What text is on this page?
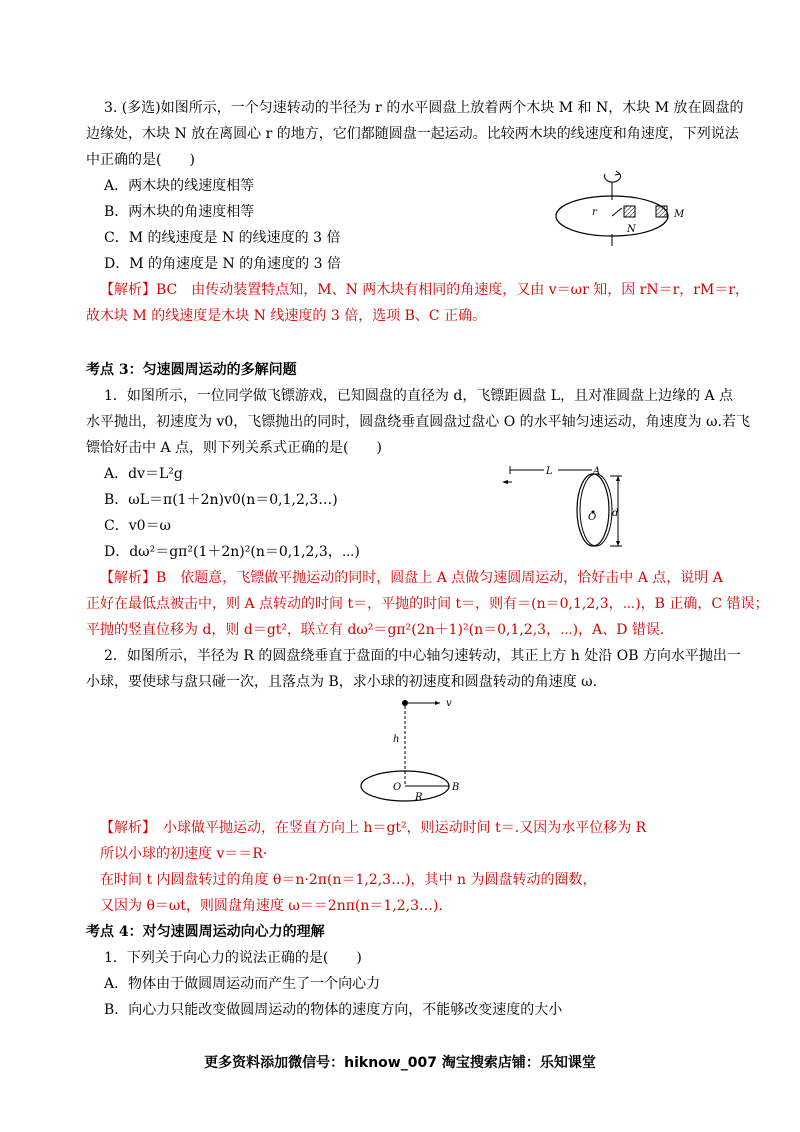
3. (多选)如图所示，一个匀速转动的半径为 r 的水平圆盘上放着两个木块 M 和 N，木块 M 放在圆盘的
边缘处，木块 N 放在离圆心 r 的地方，它们都随圆盘一起运动。比较两木块的线速度和角速度，下列说法
中正确的是(　　)
A．两木块的线速度相等
B．两木块的角速度相等
C．M 的线速度是 N 的线速度的 3 倍
D．M 的角速度是 N 的角速度的 3 倍
r
N
M
【解析】BC　由传动装置特点知，M、N 两木块有相同的角速度，又由 v＝ωr 知，因 rN＝r，rM＝r，
故木块 M 的线速度是木块 N 线速度的 3 倍，选项 B、C 正确。
考点 3：匀速圆周运动的多解问题
1．如图所示，一位同学做飞镖游戏，已知圆盘的直径为 d，飞镖距圆盘 L，且对准圆盘上边缘的 A 点
水平抛出，初速度为 v0，飞镖抛出的同时，圆盘绕垂直圆盘过盘心 O 的水平轴匀速运动，角速度为 ω.若飞
镖恰好击中 A 点，则下列关系式正确的是(　　)
A．dv＝L²g
B．ωL＝π(1＋2n)v0(n＝0,1,2,3…)
C．v0＝ω
D．dω²＝gπ²(1＋2n)²(n＝0,1,2,3，⋯)
L	A
O d
【解析】B　依题意，飞镖做平抛运动的同时，圆盘上 A 点做匀速圆周运动，恰好击中 A 点，说明 A
正好在最低点被击中，则 A 点转动的时间 t＝，平抛的时间 t＝，则有＝(n＝0,1,2,3，⋯)，B 正确，C 错误；
平抛的竖直位移为 d，则 d＝gt²，联立有 dω²＝gπ²(2n＋1)²(n＝0,1,2,3，⋯)，A、D 错误.
2．如图所示，半径为 R 的圆盘绕垂直于盘面的中心轴匀速转动，其正上方 h 处沿 OB 方向水平抛出一
小球，要使球与盘只碰一次，且落点为 B，求小球的初速度和圆盘转动的角速度 ω.
v
h
O
R
B
【解析】　小球做平抛运动，在竖直方向上 h＝gt²，则运动时间 t＝.又因为水平位移为 R
所以小球的初速度 v＝＝R·
在时间 t 内圆盘转过的角度 θ＝n·2π(n＝1,2,3…)，其中 n 为圆盘转动的圈数，
又因为 θ＝ωt，则圆盘角速度 ω＝＝2nπ(n＝1,2,3…).
考点 4：对匀速圆周运动向心力的理解
1．下列关于向心力的说法正确的是(　　)
A．物体由于做圆周运动而产生了一个向心力
B．向心力只能改变做圆周运动的物体的速度方向，不能够改变速度的大小
更多资料添加微信号：hiknow_007 淘宝搜索店铺：乐知课堂
